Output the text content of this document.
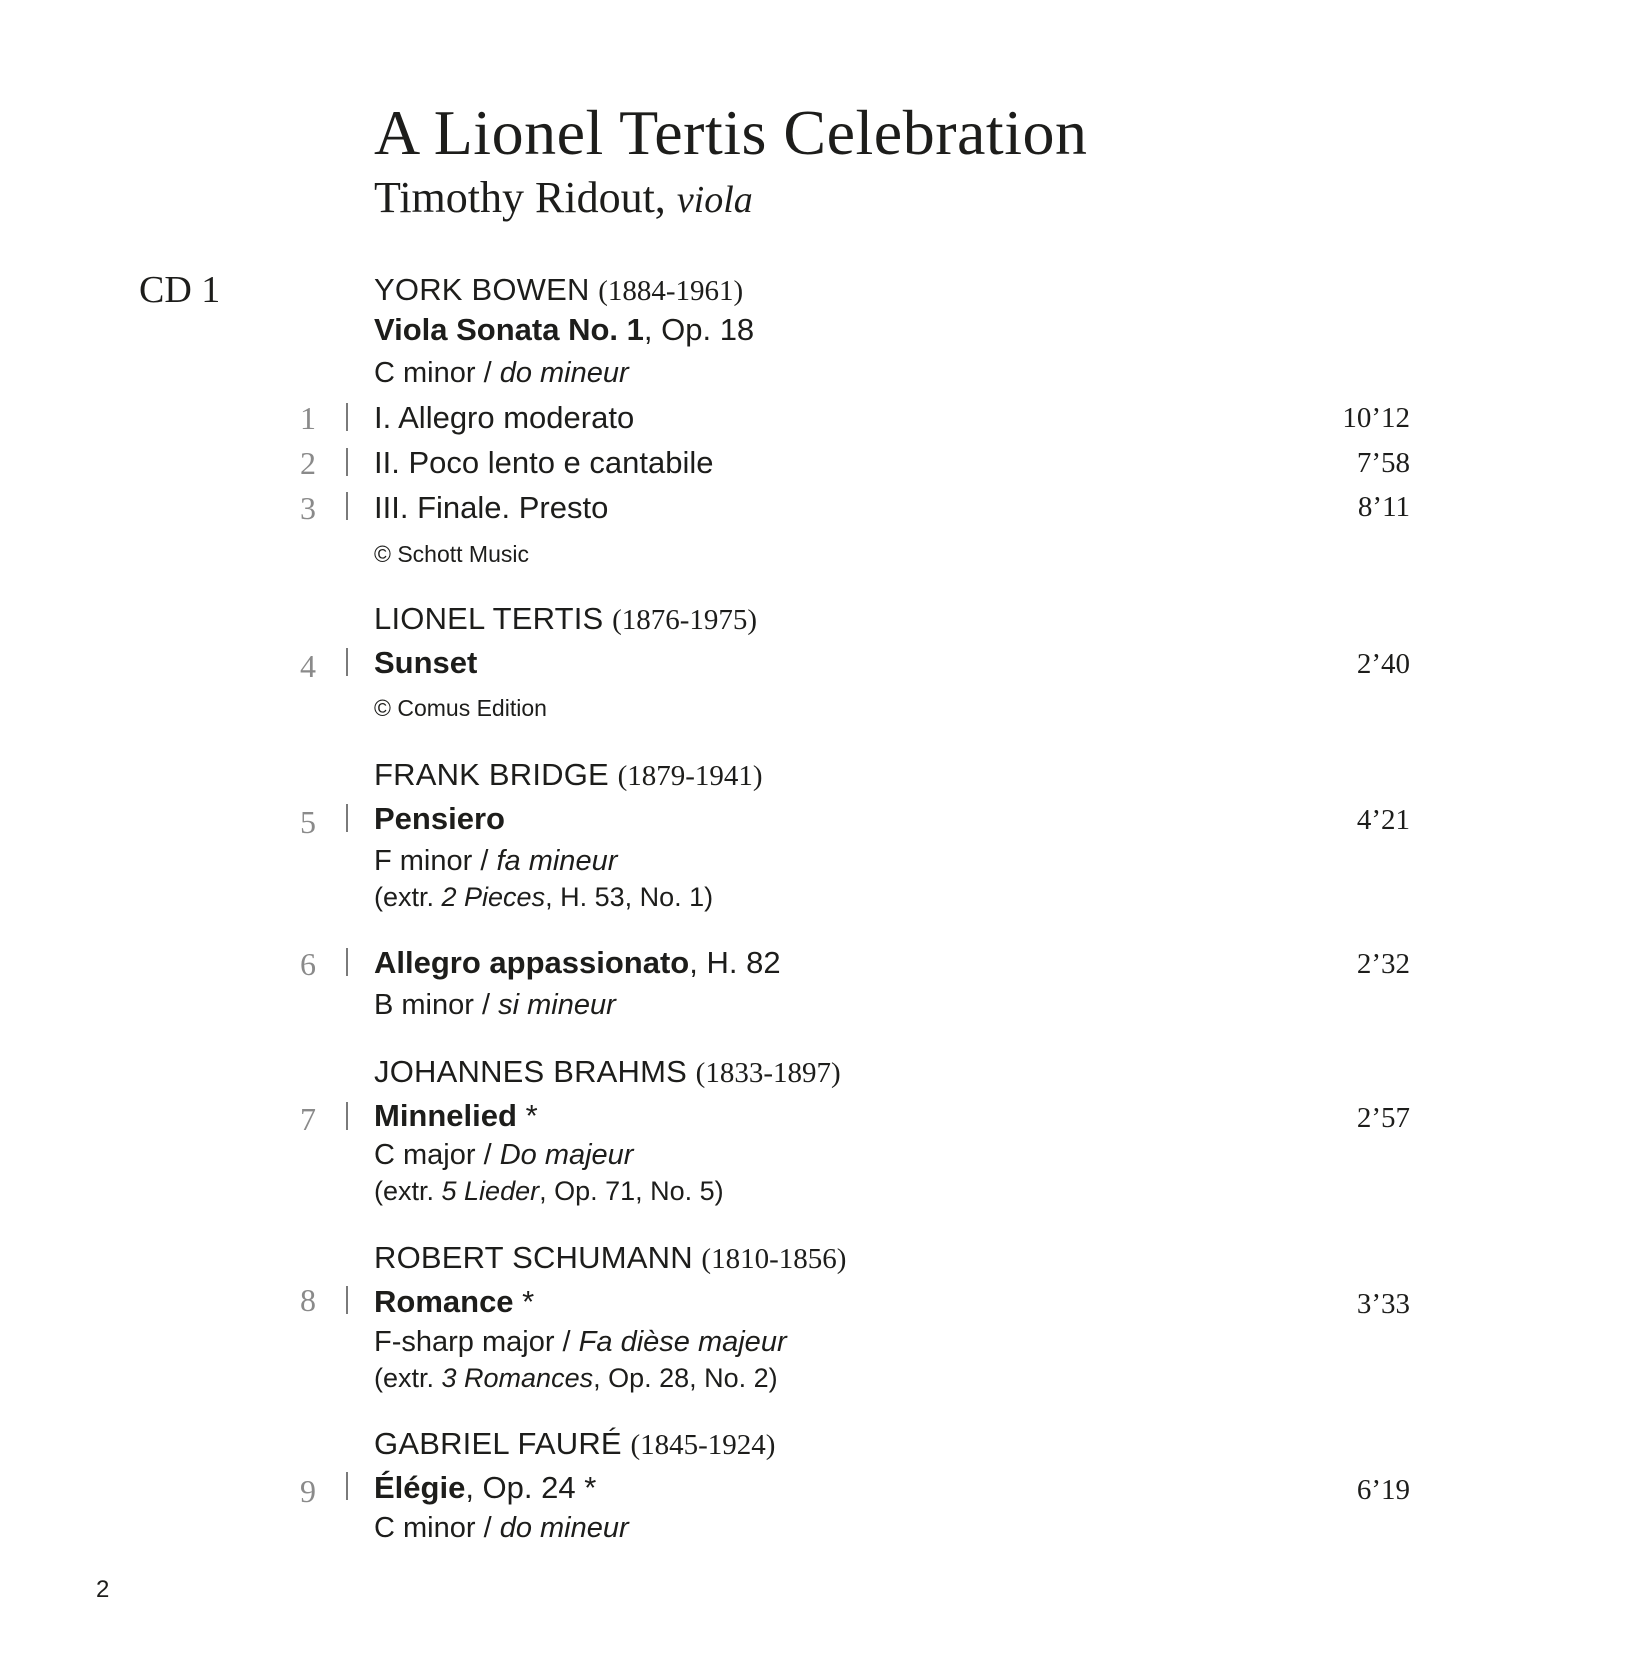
A Lionel Tertis Celebration
Timothy Ridout, viola
CD 1	YORK BOWEN (1884-1961)
Viola Sonata No. 1, Op. 18
C minor / do mineur
1 I. Allegro moderato	10’12
2 II. Poco lento e cantabile	7’58
3 III. Finale. Presto	8’11
© Schott Music
LIONEL TERTIS (1876-1975)
4 Sunset	2’40
© Comus Edition
FRANK BRIDGE (1879-1941)
5 Pensiero	4’21
F minor / fa mineur
(extr. 2 Pieces, H. 53, No. 1)
6 Allegro appassionato, H. 82	2’32
B minor / si mineur
JOHANNES BRAHMS (1833-1897)
7 Minnelied *	2’57
C major / Do majeur
(extr. 5 Lieder, Op. 71, No. 5)
ROBERT SCHUMANN (1810-1856)
8 Romance *	3’33
F-sharp major / Fa dièse majeur
(extr. 3 Romances, Op. 28, No. 2)
GABRIEL FAURÉ (1845-1924)
9 Élégie, Op. 24 *	6’19
C minor / do mineur
2
